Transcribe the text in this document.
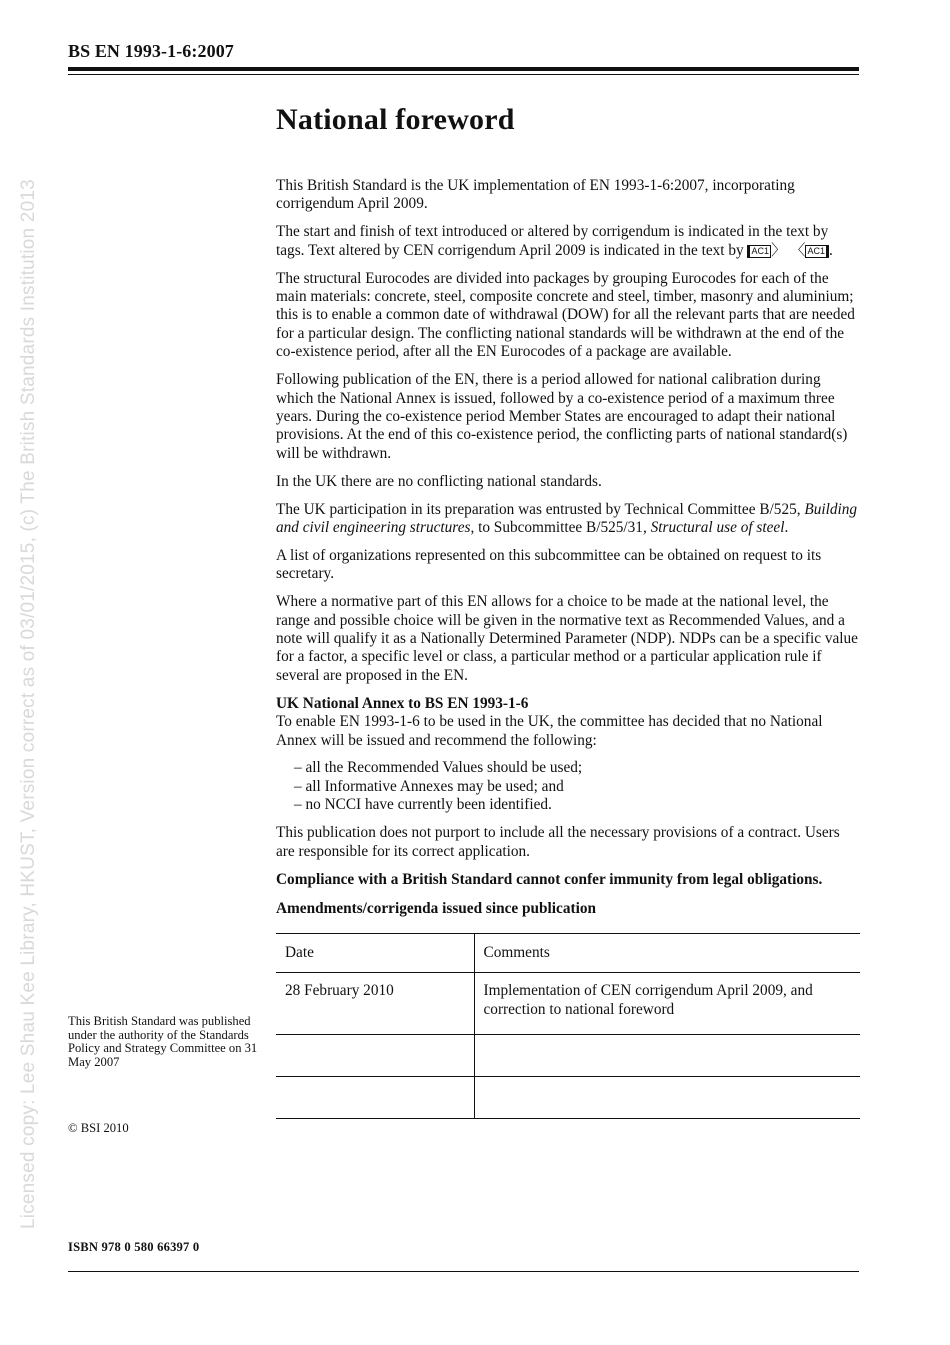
BS EN 1993-1-6:2007
Licensed copy: Lee Shau Kee Library, HKUST, Version correct as of 03/01/2015, (c) The British Standards Institution 2013
National foreword

This British Standard is the UK implementation of EN 1993-1-6:2007, incorporating corrigendum April 2009.

The start and finish of text introduced or altered by corrigendum is indicated in the text by tags. Text altered by CEN corrigendum April 2009 is indicated in the text by AC1 〉 〈 AC1 .

The structural Eurocodes are divided into packages by grouping Eurocodes for each of the main materials: concrete, steel, composite concrete and steel, timber, masonry and aluminium; this is to enable a common date of withdrawal (DOW) for all the relevant parts that are needed for a particular design. The conflicting national standards will be withdrawn at the end of the co-existence period, after all the EN Eurocodes of a package are available.

Following publication of the EN, there is a period allowed for national calibration during which the National Annex is issued, followed by a co-existence period of a maximum three years. During the co-existence period Member States are encouraged to adapt their national provisions. At the end of this co-existence period, the conflicting parts of national standard(s) will be withdrawn.

In the UK there are no conflicting national standards.

The UK participation in its preparation was entrusted by Technical Committee B/525, Building and civil engineering structures, to Subcommittee B/525/31, Structural use of steel.

A list of organizations represented on this subcommittee can be obtained on request to its secretary.

Where a normative part of this EN allows for a choice to be made at the national level, the range and possible choice will be given in the normative text as Recommended Values, and a note will qualify it as a Nationally Determined Parameter (NDP). NDPs can be a specific value for a factor, a specific level or class, a particular method or a particular application rule if several are proposed in the EN.

UK National Annex to BS EN 1993-1-6

To enable EN 1993-1-6 to be used in the UK, the committee has decided that no National Annex will be issued and recommend the following:

– all the Recommended Values should be used;
– all Informative Annexes may be used; and
– no NCCI have currently been identified.

This publication does not purport to include all the necessary provisions of a contract. Users are responsible for its correct application.

Compliance with a British Standard cannot confer immunity from legal obligations.

Amendments/corrigenda issued since publication
Date	Comments
28 February 2010	Implementation of CEN corrigendum April 2009, and correction to national foreword

This British Standard was published under the authority of the Standards Policy and Strategy Committee on 31 May 2007
© BSI 2010
ISBN 978 0 580 66397 0
